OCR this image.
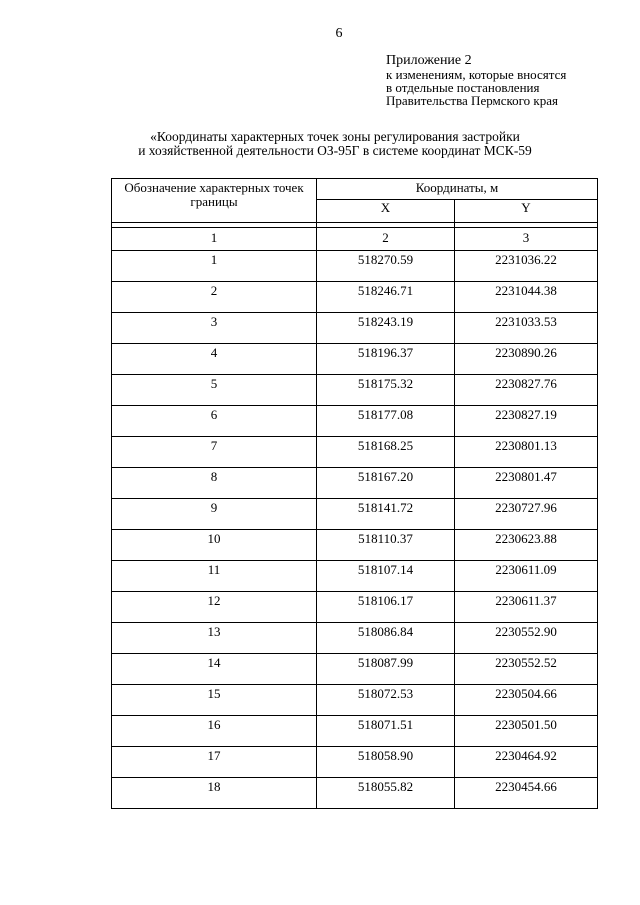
6
Приложение 2
к изменениям, которые вносятся
в отдельные постановления
Правительства Пермского края
«Координаты характерных точек зоны регулирования застройки
и хозяйственной деятельности ОЗ-95Г в системе координат МСК-59
Обозначение характерных точек границы	Координаты, м	
	X	Y

1	2	3
1	518270.59	2231036.22
2	518246.71	2231044.38
3	518243.19	2231033.53
4	518196.37	2230890.26
5	518175.32	2230827.76
6	518177.08	2230827.19
7	518168.25	2230801.13
8	518167.20	2230801.47
9	518141.72	2230727.96
10	518110.37	2230623.88
11	518107.14	2230611.09
12	518106.17	2230611.37
13	518086.84	2230552.90
14	518087.99	2230552.52
15	518072.53	2230504.66
16	518071.51	2230501.50
17	518058.90	2230464.92
18	518055.82	2230454.66
